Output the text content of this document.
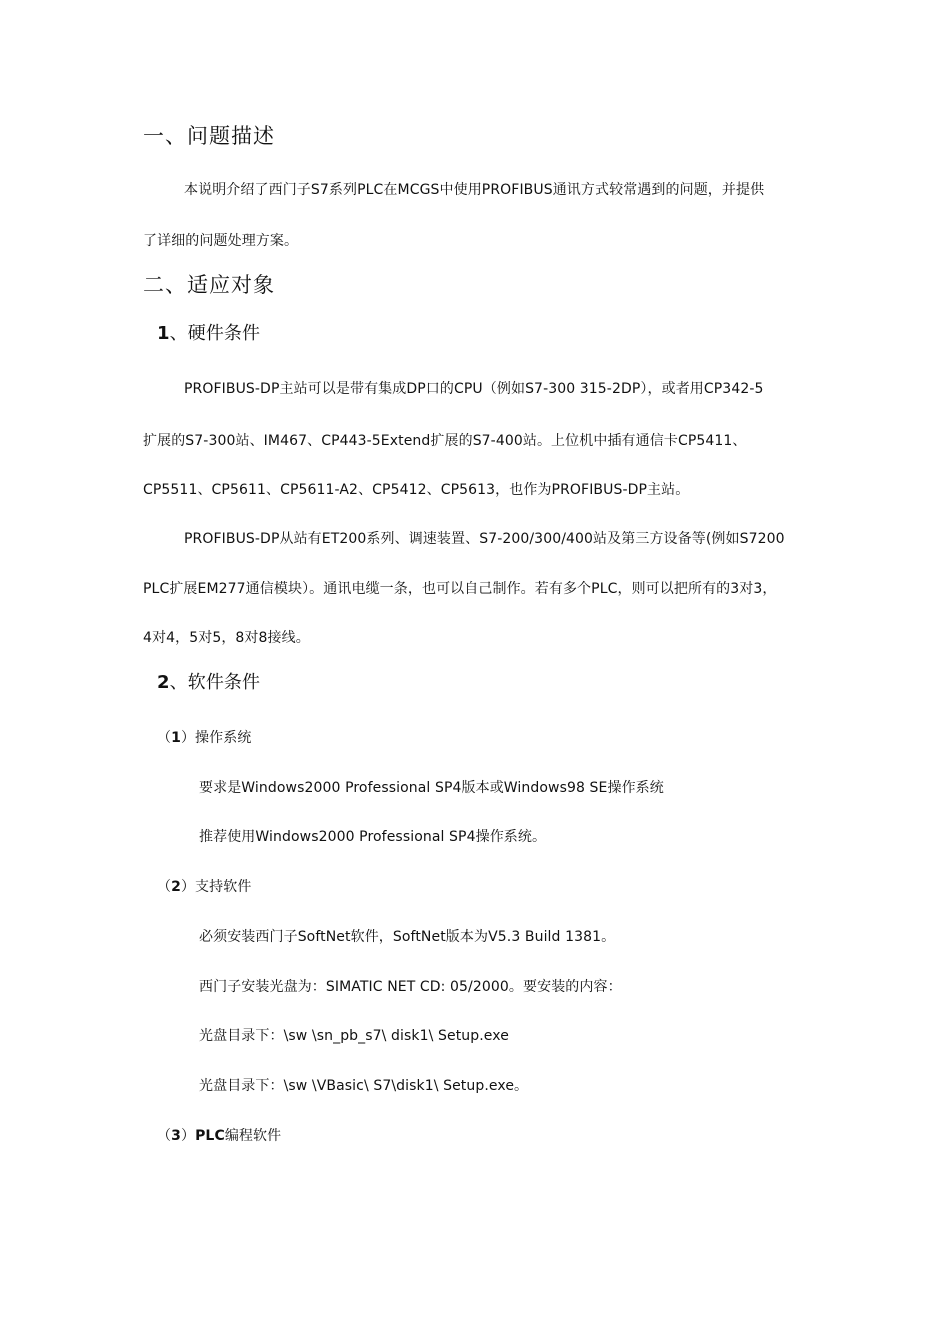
一、问题描述
本说明介绍了西门子S7系列PLC在MCGS中使用PROFIBUS通讯方式较常遇到的问题，并提供
了详细的问题处理方案。
二、适应对象
1、硬件条件
PROFIBUS-DP主站可以是带有集成DP口的CPU（例如S7-300 315-2DP），或者用CP342-5
扩展的S7-300站、IM467、CP443-5Extend扩展的S7-400站。上位机中插有通信卡CP5411、
CP5511、CP5611、CP5611-A2、CP5412、CP5613，也作为PROFIBUS-DP主站。
PROFIBUS-DP从站有ET200系列、调速装置、S7-200/300/400站及第三方设备等(例如S7200
PLC扩展EM277通信模块）。通讯电缆一条，也可以自己制作。若有多个PLC，则可以把所有的3对3，
4对4，5对5，8对8接线。
2、软件条件
（1）操作系统
要求是Windows2000 Professional SP4版本或Windows98 SE操作系统
推荐使用Windows2000 Professional SP4操作系统。
（2）支持软件
必须安装西门子SoftNet软件，SoftNet版本为V5.3 Build 1381。
西门子安装光盘为：SIMATIC NET CD: 05/2000。要安装的内容：
光盘目录下：\sw \sn_pb_s7\ disk1\ Setup.exe
光盘目录下：\sw \VBasic\ S7\disk1\ Setup.exe。
（3）PLC编程软件
